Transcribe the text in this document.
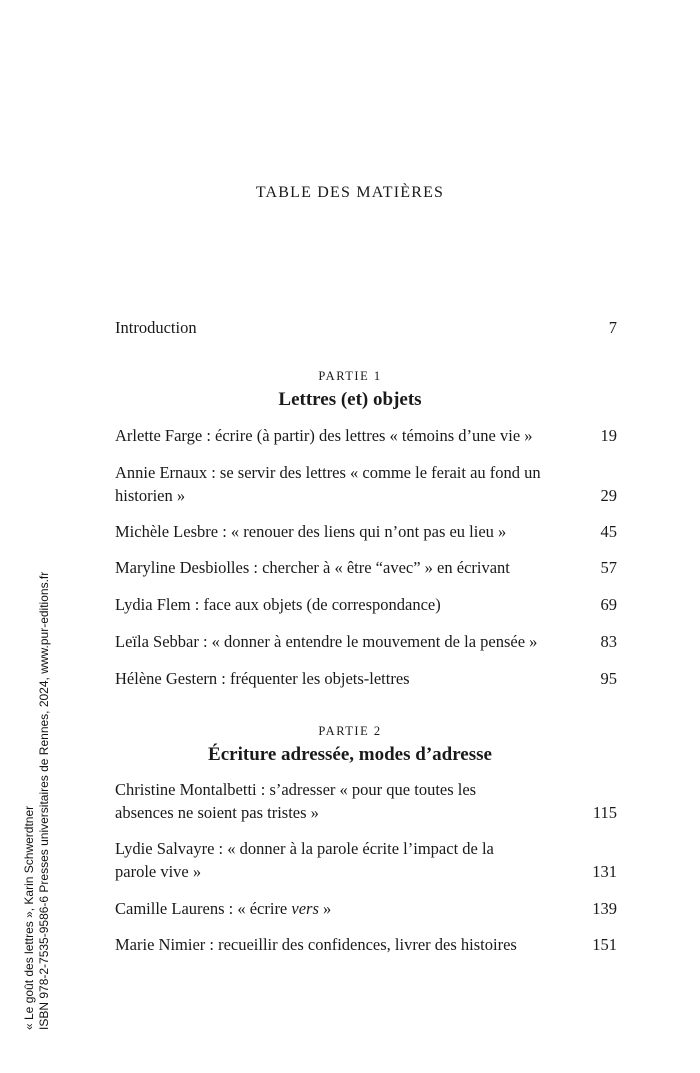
TABLE DES MATIÈRES
Introduction	7
Arlette Farge : écrire (à partir) des lettres « témoins d’une vie »	19
Annie Ernaux : se servir des lettres « comme le ferait au fond un historien »	29
Michèle Lesbre : « renouer des liens qui n’ont pas eu lieu »	45
Maryline Desbiolles : chercher à « être “avec” » en écrivant	57
Lydia Flem : face aux objets (de correspondance)	69
Leïla Sebbar : « donner à entendre le mouvement de la pensée »	83
Hélène Gestern : fréquenter les objets-lettres	95
Christine Montalbetti : s’adresser « pour que toutes les absences ne soient pas tristes »	115
Lydie Salvayre : « donner à la parole écrite l’impact de la parole vive »	131
Camille Laurens : « écrire vers »	139
Marie Nimier : recueillir des confidences, livrer des histoires	151
PARTIE 1
Lettres (et) objets
PARTIE 2
Écriture adressée, modes d’adresse
« Le goût des lettres », Karin Schwerdtner ISBN 978-2-7535-9586-6 Presses universitaires de Rennes, 2024, www.pur-editions.fr
